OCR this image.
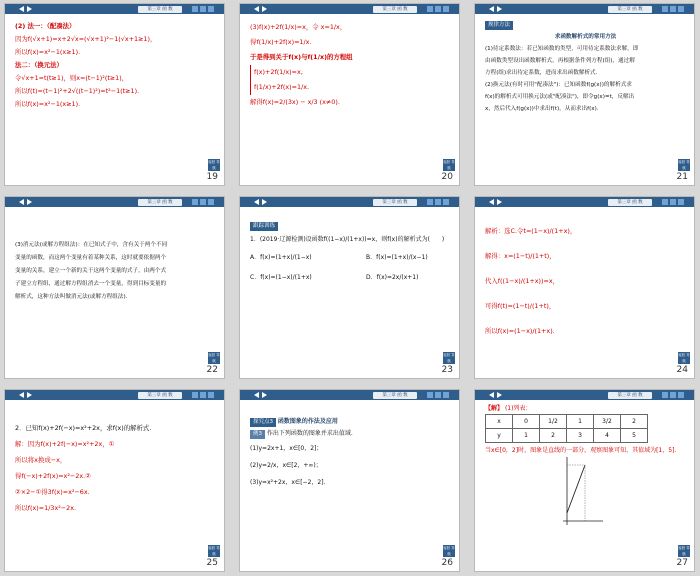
第三章 函 数
(2) 法一：（配凑法）
因为f(√x+1)=x+2√x=(√x+1)²−1(√x+1≥1)，
所以f(x)=x²−1(x≥1).
法二：（换元法）
令√x+1=t(t≥1)，则x=(t−1)²(t≥1)，
所以f(t)=(t−1)²+2√((t−1)²)=t²−1(t≥1).
所以f(x)=x²−1(x≥1).
返回 导航
19
第三章 函 数
(3)f(x)+2f(1/x)=x，令 x=1/x，
得f(1/x)+2f(x)=1/x.
于是得到关于f(x)与f(1/x)的方程组
f(x)+2f(1/x)=x,
f(1/x)+2f(x)=1/x.
解得f(x)=2/(3x) − x/3 (x≠0).
返回 导航
20
第三章 函 数
规律方法
求函数解析式的常用方法
(1)待定系数法：若已知函数的类型，可用待定系数法求解，即
由函数类型设出函数解析式，再根据条件列方程(组)，通过解
方程(组)求出待定系数，进而求出函数解析式.
(2)换元法(有时可用"配凑法")：已知函数f(g(x))的解析式求
f(x)的解析式可用换元法(或"配凑法")，即令g(x)=t，反解出
x，然后代入f(g(x))中求出f(t)，从而求出f(x).
返回 导航
21
第三章 函 数
(3)消元法(或解方程组法)：在已知式子中，含有关于两个不同
变量的函数，而这两个变量有着某种关系，这时就要依据两个
变量的关系，建立一个新的关于这两个变量的式子，由两个式
子建立方程组，通过解方程组消去一个变量，得到目标变量的
解析式，这种方法叫做消元法(或解方程组法).
返回 导航
22
第三章 函 数
跟踪训练
1．(2019·辽源检测)设函数f((1−x)/(1+x))=x，则f(x)的解析式为(　　)
A．f(x)=(1+x)/(1−x)	B．f(x)=(1+x)/(x−1)
C．f(x)=(1−x)/(1+x)	D．f(x)=2x/(x+1)
返回 导航
23
第三章 函 数
解析：选C.令t=(1−x)/(1+x)，
解得：x=(1−t)/(1+t)，
代入f((1−x)/(1+x))=x，
可得f(t)=(1−t)/(1+t)，
所以f(x)=(1−x)/(1+x).
返回 导航
24
第三章 函 数
2．已知f(x)+2f(−x)=x²+2x，求f(x)的解析式.
解：因为f(x)+2f(−x)=x²+2x，①
所以将x换成−x，
得f(−x)+2f(x)=x²−2x.②
②×2−①得3f(x)=x²−6x.
所以f(x)=1/3x²−2x.
返回 导航
25
第三章 函 数
探究点3 函数图象的作法及应用
例3 作出下列函数的图象并求出值域.
(1)y=2x+1，x∈[0，2]；
(2)y=2/x，x∈[2，+∞)；
(3)y=x²+2x，x∈[−2，2].
返回 导航
26
第三章 函 数
【解】 (1)列表：
x	0	1/2	1	3/2	2
y	1	2	3	4	5
当x∈[0，2]时，图象是直线的一部分，观察图象可知，其值域为[1，5].
返回 导航
27
